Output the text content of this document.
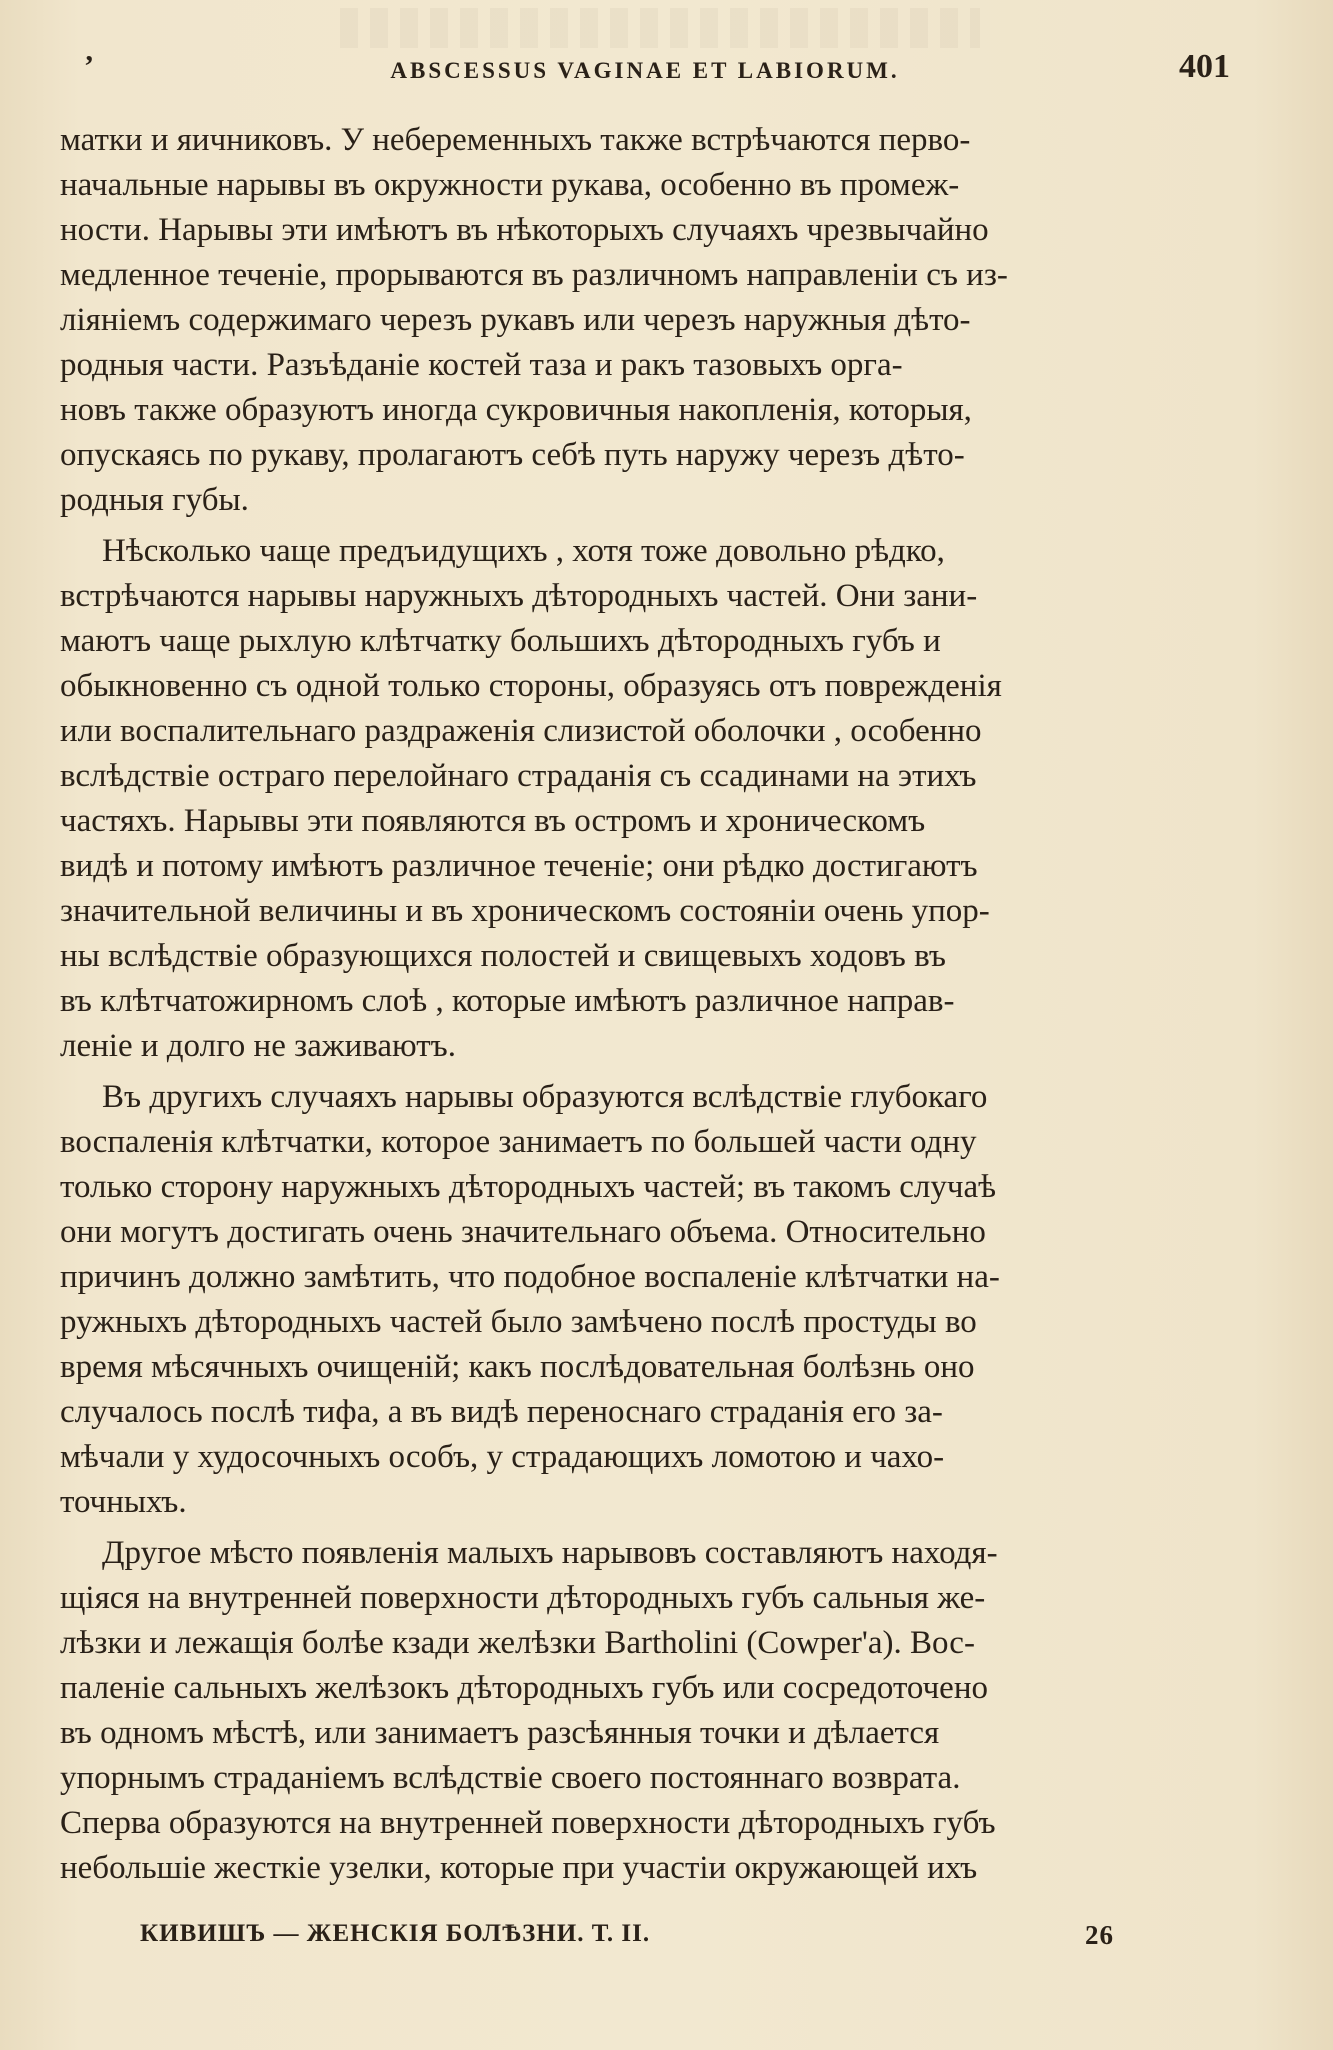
ʼ	ABSCESSUS VAGINAE ET LABIORUM.	401

матки и яичниковъ. У небеременныхъ также встрѣчаются перво-
начальные нарывы въ окружности рукава, особенно въ промеж-
ности. Нарывы эти имѣютъ въ нѣкоторыхъ случаяхъ чрезвычайно
медленное теченіе, прорываются въ различномъ направленіи съ из-
ліяніемъ содержимаго черезъ рукавъ или черезъ наружныя дѣто-
родныя части. Разъѣданіе костей таза и ракъ тазовыхъ орга-
новъ также образуютъ иногда сукровичныя накопленія, которыя,
опускаясь по рукаву, пролагаютъ себѣ путь наружу черезъ дѣто-
родныя губы.

Нѣсколько чаще предъидущихъ , хотя тоже довольно рѣдко,
встрѣчаются нарывы наружныхъ дѣтородныхъ частей. Они зани-
маютъ чаще рыхлую клѣтчатку большихъ дѣтородныхъ губъ и
обыкновенно съ одной только стороны, образуясь отъ поврежденія
или воспалительнаго раздраженія слизистой оболочки , особенно
вслѣдствіе остраго перелойнаго страданія съ ссадинами на этихъ
частяхъ. Нарывы эти появляются въ остромъ и хроническомъ
видѣ и потому имѣютъ различное теченіе; они рѣдко достигаютъ
значительной величины и въ хроническомъ состояніи очень упор-
ны вслѣдствіе образующихся полостей и свищевыхъ ходовъ въ
въ клѣтчатожирномъ слоѣ , которые имѣютъ различное направ-
леніе и долго не заживаютъ.

Въ другихъ случаяхъ нарывы образуются вслѣдствіе глубокаго
воспаленія клѣтчатки, которое занимаетъ по большей части одну
только сторону наружныхъ дѣтородныхъ частей; въ такомъ случаѣ
они могутъ достигать очень значительнаго объема. Относительно
причинъ должно замѣтить, что подобное воспаленіе клѣтчатки на-
ружныхъ дѣтородныхъ частей было замѣчено послѣ простуды во
время мѣсячныхъ очищеній; какъ послѣдовательная болѣзнь оно
случалось послѣ тифа, а въ видѣ переноснаго страданія его за-
мѣчали у худосочныхъ особъ, у страдающихъ ломотою и чахо-
точныхъ.

Другое мѣсто появленія малыхъ нарывовъ составляютъ находя-
щіяся на внутренней поверхности дѣтородныхъ губъ сальныя же-
лѣзки и лежащія болѣе кзади желѣзки Bartholini (Cowper'а). Вос-
паленіе сальныхъ желѣзокъ дѣтородныхъ губъ или сосредоточено
въ одномъ мѣстѣ, или занимаетъ разсѣянныя точки и дѣлается
упорнымъ страданіемъ вслѣдствіе своего постояннаго возврата.
Сперва образуются на внутренней поверхности дѣтородныхъ губъ
небольшіе жесткіе узелки, которые при участіи окружающей ихъ

КИВИШЪ — ЖЕНСКІЯ БОЛѢЗНИ. Т. II.	26
